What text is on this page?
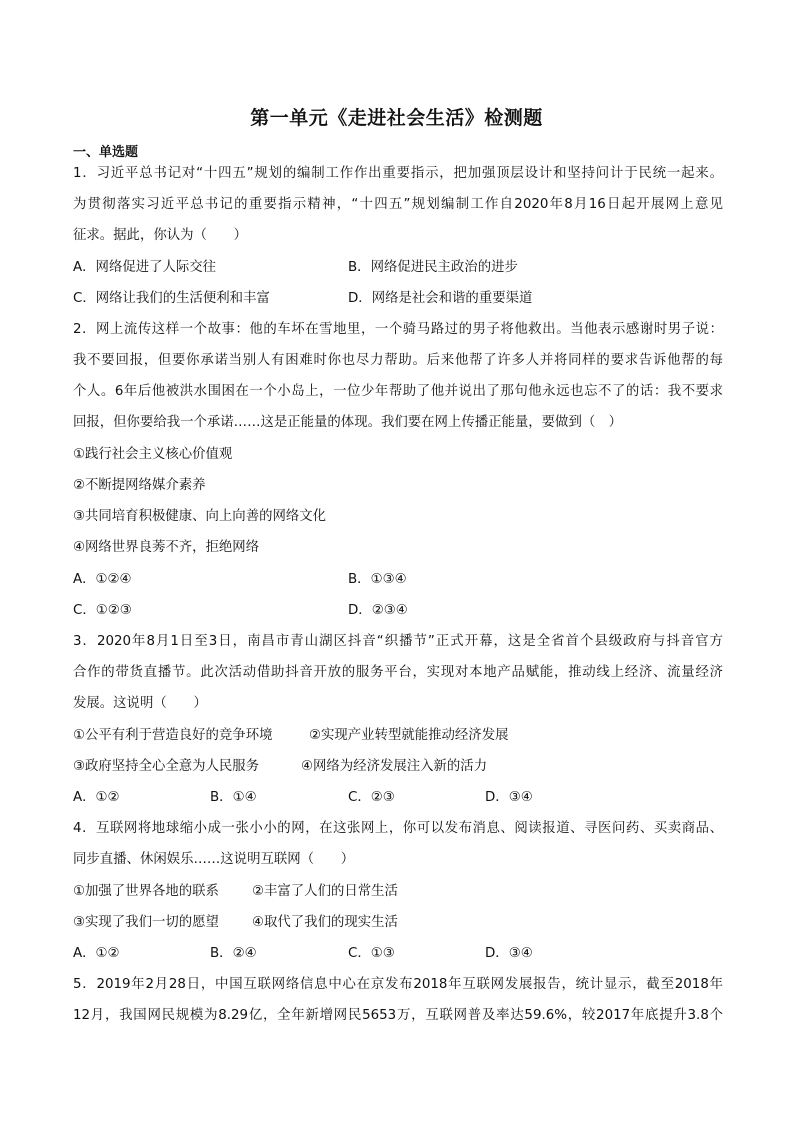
第一单元《走进社会生活》检测题
一、单选题
1．习近平总书记对“十四五”规划的编制工作作出重要指示，把加强顶层设计和坚持问计于民统一起来。
为贯彻落实习近平总书记的重要指示精神，“十四五”规划编制工作自2020年8月16日起开展网上意见
征求。据此，你认为（　　）
A．网络促进了人际交往	B．网络促进民主政治的进步
C．网络让我们的生活便利和丰富	D．网络是社会和谐的重要渠道
2．网上流传这样一个故事：他的车坏在雪地里，一个骑马路过的男子将他救出。当他表示感谢时男子说：
我不要回报，但要你承诺当别人有困难时你也尽力帮助。后来他帮了许多人并将同样的要求告诉他帮的每
个人。6年后他被洪水围困在一个小岛上，一位少年帮助了他并说出了那句他永远也忘不了的话：我不要求
回报，但你要给我一个承诺……这是正能量的体现。我们要在网上传播正能量，要做到（　）
①践行社会主义核心价值观
②不断提网络媒介素养
③共同培育积极健康、向上向善的网络文化
④网络世界良莠不齐，拒绝网络
A．①②④	B．①③④
C．①②③	D．②③④
3．2020年8月1日至3日，南昌市青山湖区抖音“织播节”正式开幕，这是全省首个县级政府与抖音官方
合作的带货直播节。此次活动借助抖音开放的服务平台，实现对本地产品赋能，推动线上经济、流量经济
发展。这说明（　　）
①公平有利于营造良好的竞争环境	②实现产业转型就能推动经济发展
③政府坚持全心全意为人民服务	④网络为经济发展注入新的活力
A．①②	B．①④	C．②③	D．③④
4．互联网将地球缩小成一张小小的网，在这张网上，你可以发布消息、阅读报道、寻医问药、买卖商品、
同步直播、休闲娱乐……这说明互联网（　　）
①加强了世界各地的联系 ②丰富了人们的日常生活
③实现了我们一切的愿望 ④取代了我们的现实生活
A．①②	B．②④	C．①③	D．③④
5．2019年2月28日，中国互联网络信息中心在京发布2018年互联网发展报告，统计显示，截至2018年
12月，我国网民规模为8.29亿，全年新增网民5653万，互联网普及率达59.6%，较2017年底提升3.8个
